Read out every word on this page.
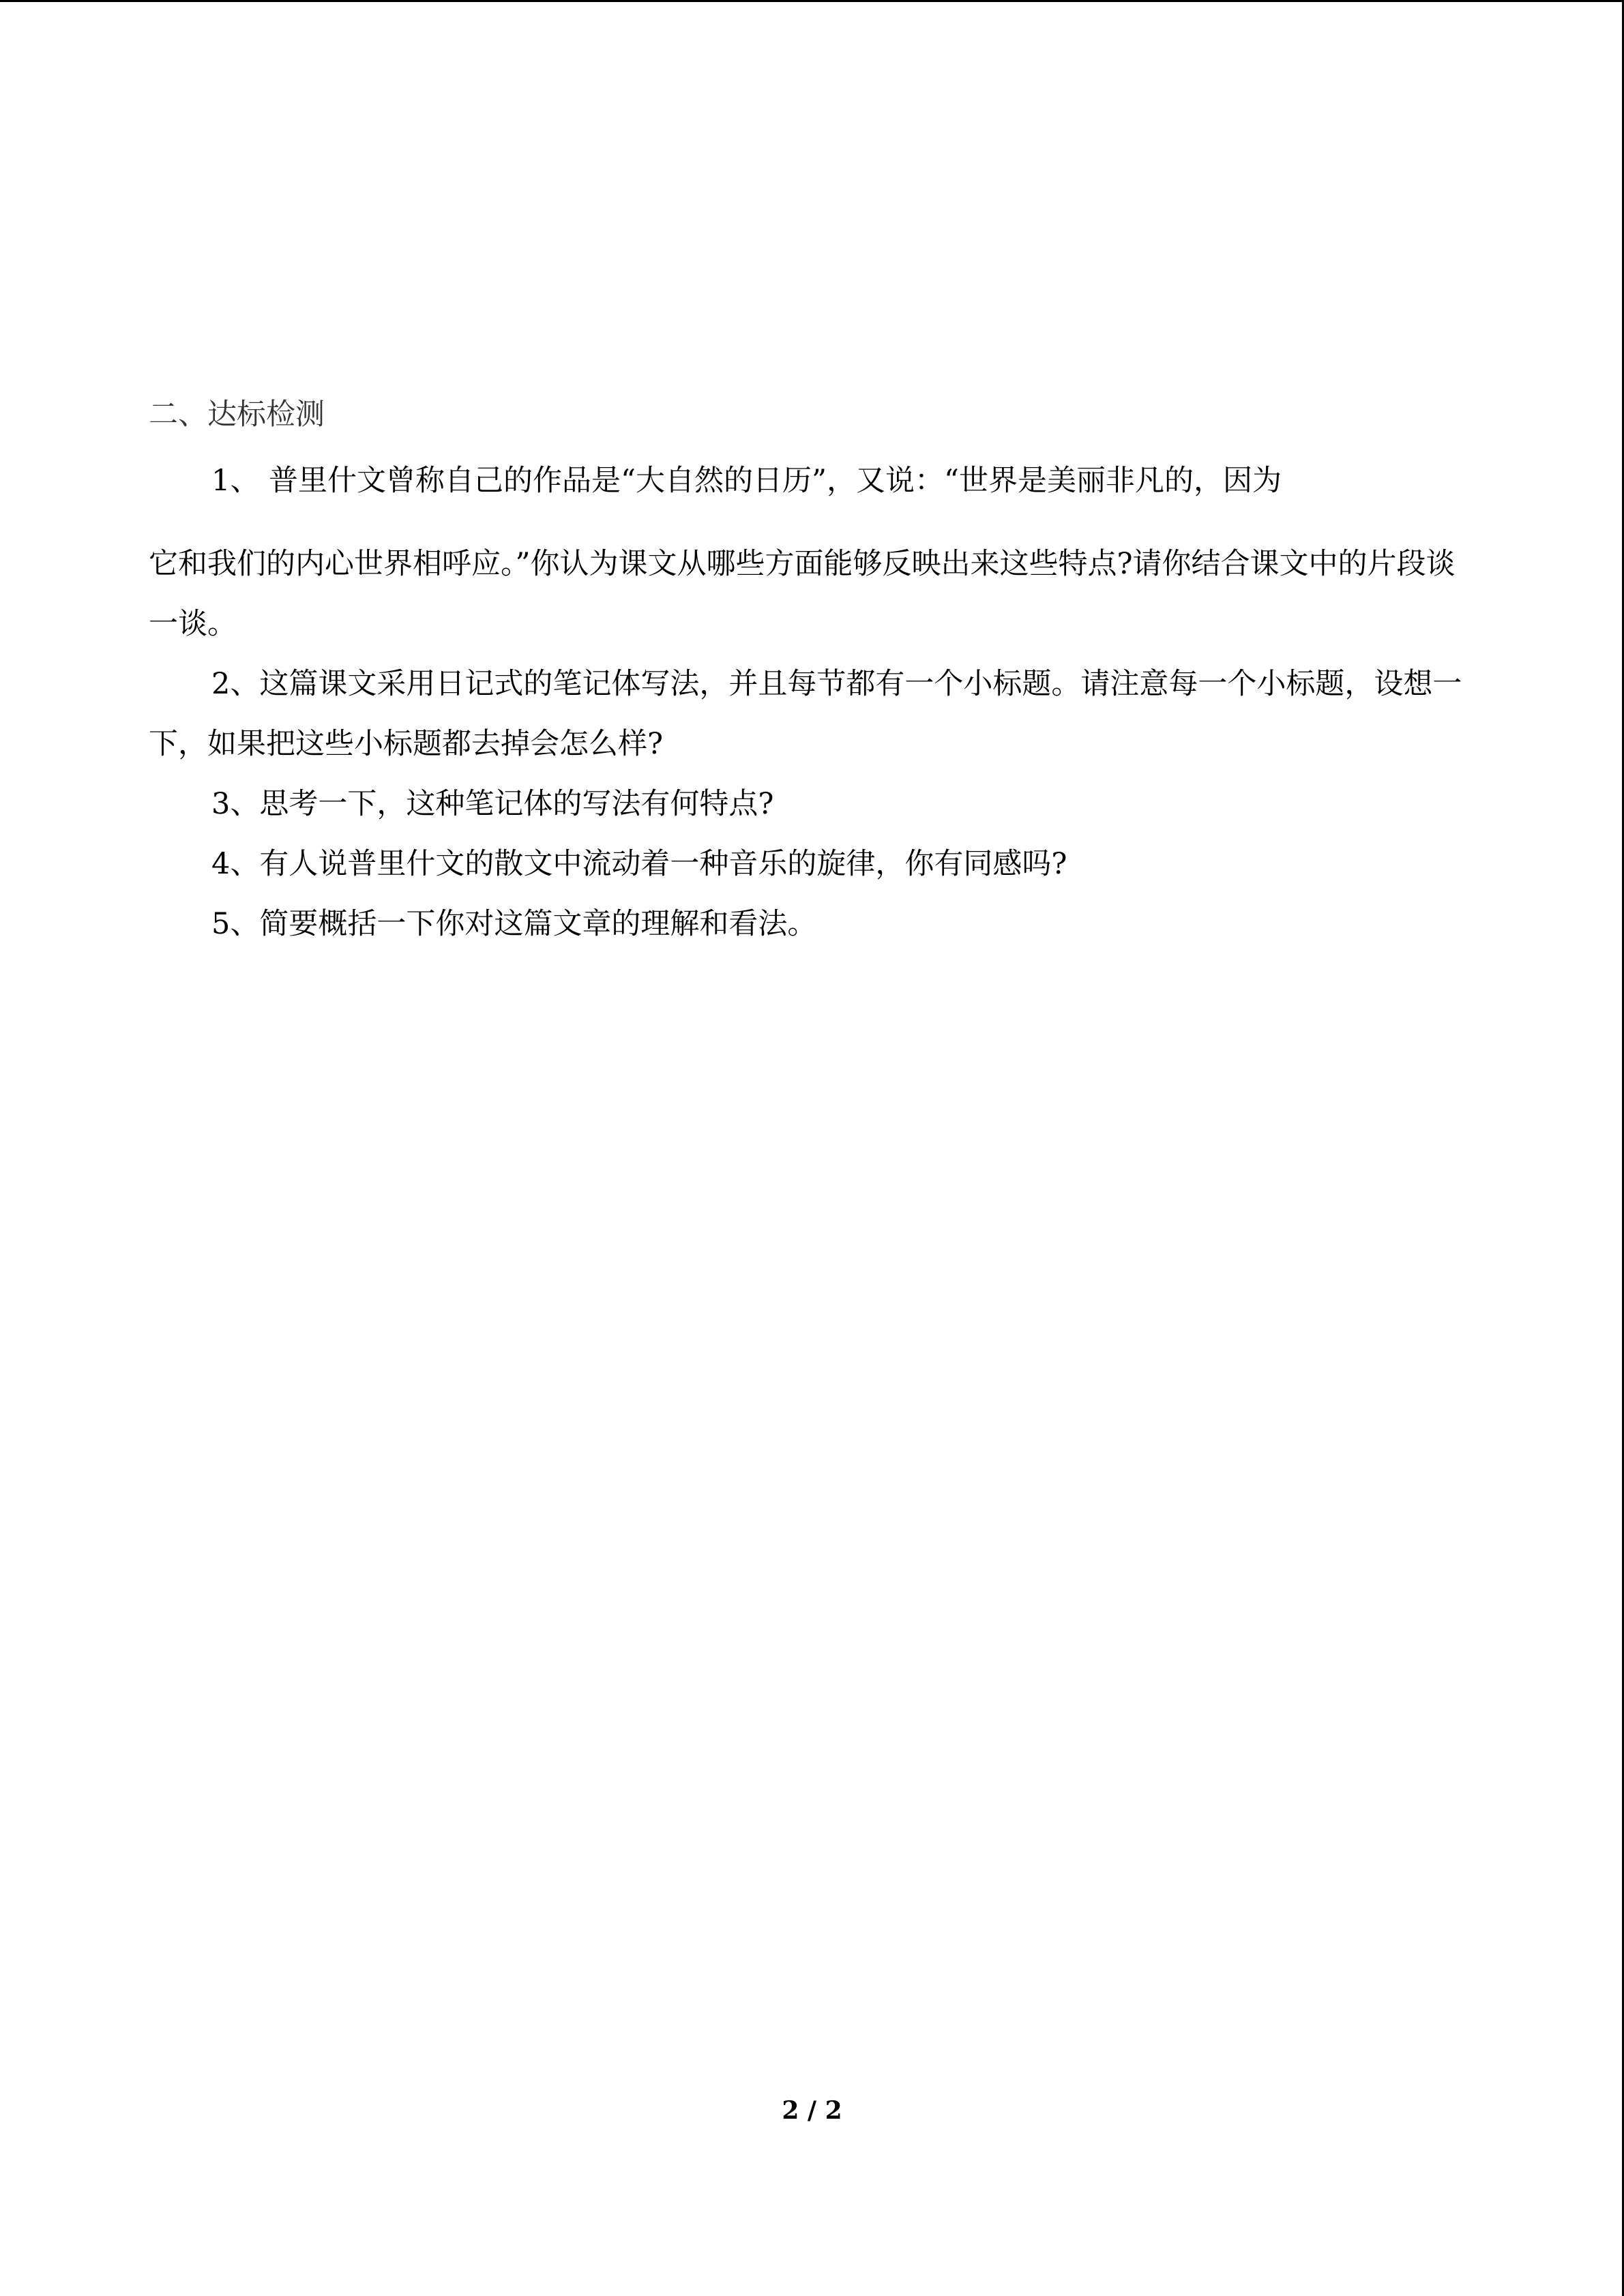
二、达标检测
1、 普里什文曾称自己的作品是“大自然的日历”，又说：“世界是美丽非凡的，因为
它和我们的内心世界相呼应。”你认为课文从哪些方面能够反映出来这些特点?请你结合课文中的片段谈一谈。

2、这篇课文采用日记式的笔记体写法，并且每节都有一个小标题。请注意每一个小标题，设想一下，如果把这些小标题都去掉会怎么样?

3、思考一下，这种笔记体的写法有何特点?

4、有人说普里什文的散文中流动着一种音乐的旋律，你有同感吗?

5、简要概括一下你对这篇文章的理解和看法。

2 / 2
